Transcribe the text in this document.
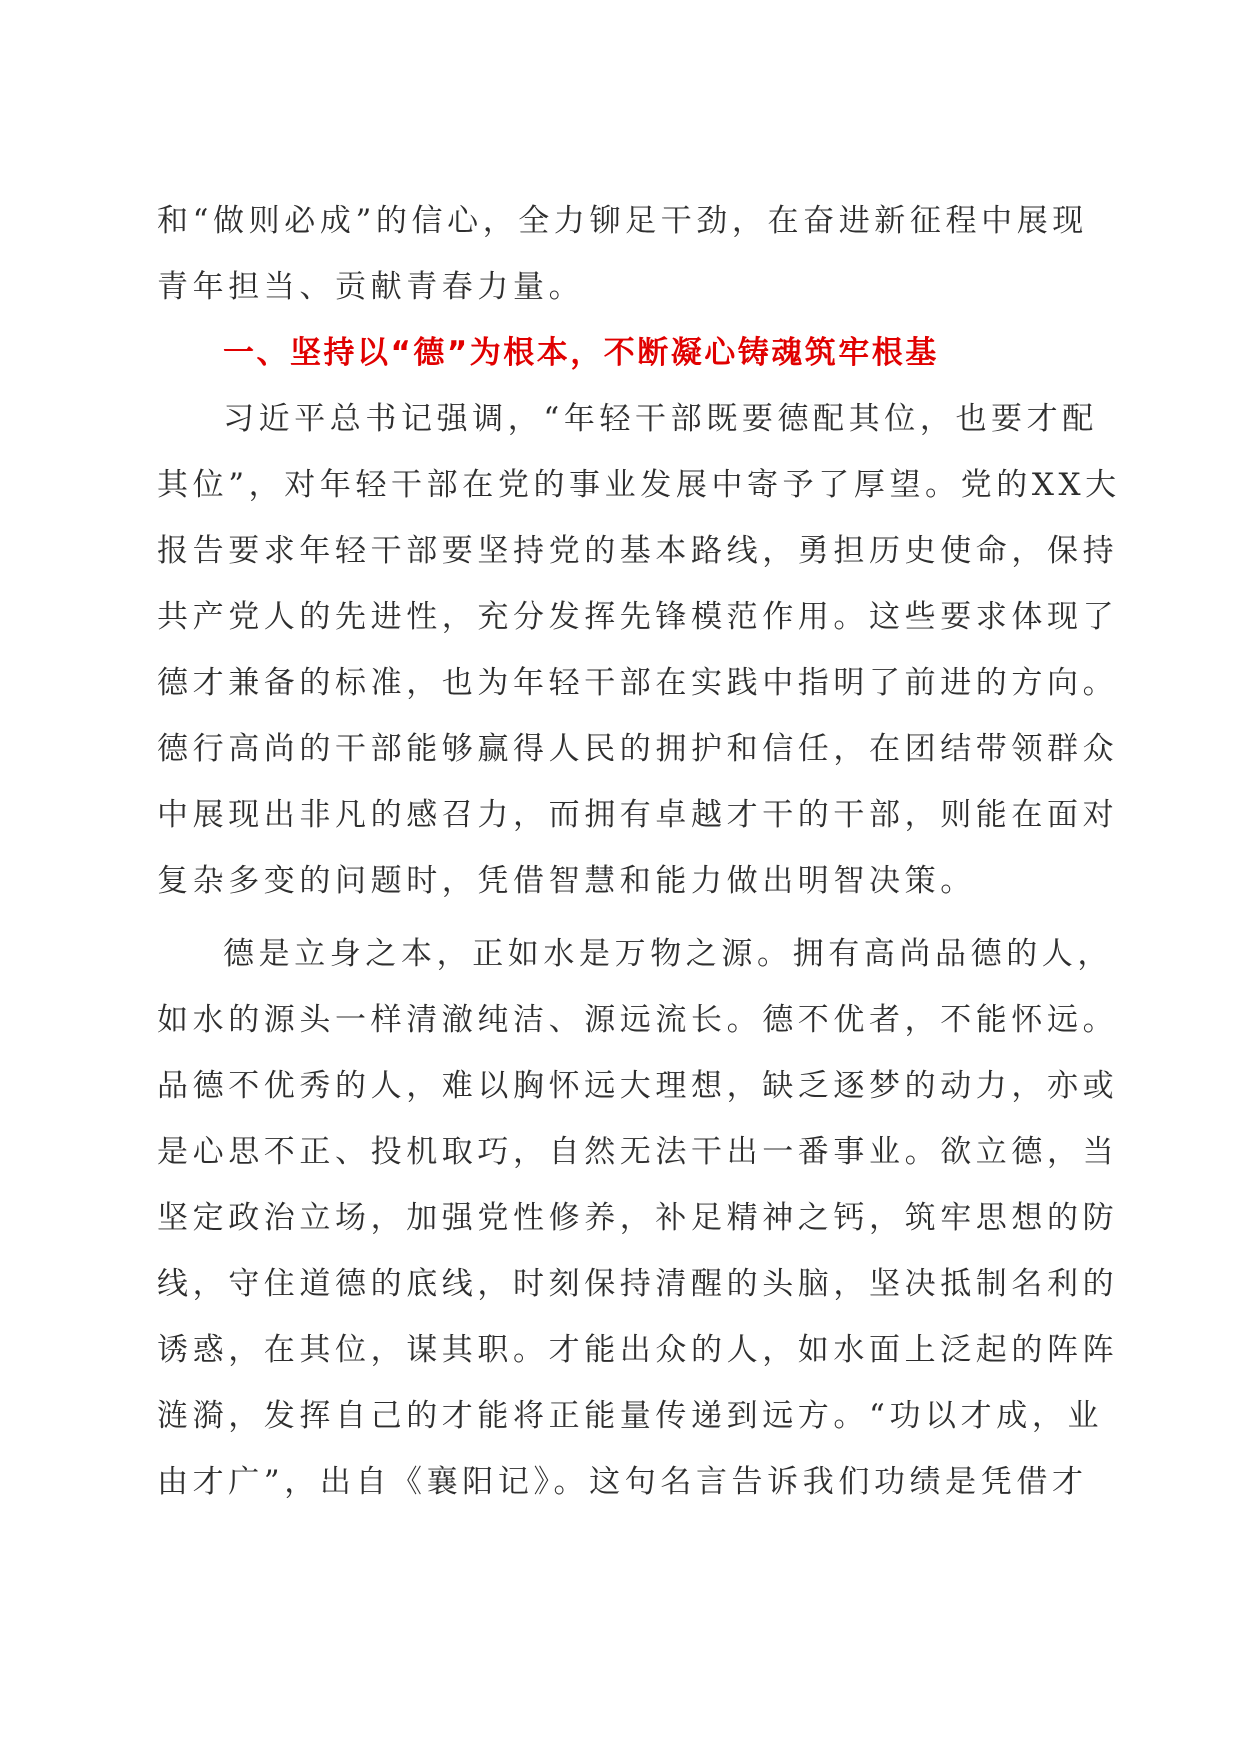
和“做则必成”的信心，全力铆足干劲，在奋进新征程中展现
青年担当、贡献青春力量。
一、坚持以“德”为根本，不断凝心铸魂筑牢根基
习近平总书记强调，“年轻干部既要德配其位，也要才配
其位”，对年轻干部在党的事业发展中寄予了厚望。党的XX大
报告要求年轻干部要坚持党的基本路线，勇担历史使命，保持
共产党人的先进性，充分发挥先锋模范作用。这些要求体现了
德才兼备的标准，也为年轻干部在实践中指明了前进的方向。
德行高尚的干部能够赢得人民的拥护和信任，在团结带领群众
中展现出非凡的感召力，而拥有卓越才干的干部，则能在面对
复杂多变的问题时，凭借智慧和能力做出明智决策。
德是立身之本，正如水是万物之源。拥有高尚品德的人，
如水的源头一样清澈纯洁、源远流长。德不优者，不能怀远。
品德不优秀的人，难以胸怀远大理想，缺乏逐梦的动力，亦或
是心思不正、投机取巧，自然无法干出一番事业。欲立德，当
坚定政治立场，加强党性修养，补足精神之钙，筑牢思想的防
线，守住道德的底线，时刻保持清醒的头脑，坚决抵制名利的
诱惑，在其位，谋其职。才能出众的人，如水面上泛起的阵阵
涟漪，发挥自己的才能将正能量传递到远方。“功以才成，业
由才广”，出自《襄阳记》。这句名言告诉我们功绩是凭借才
